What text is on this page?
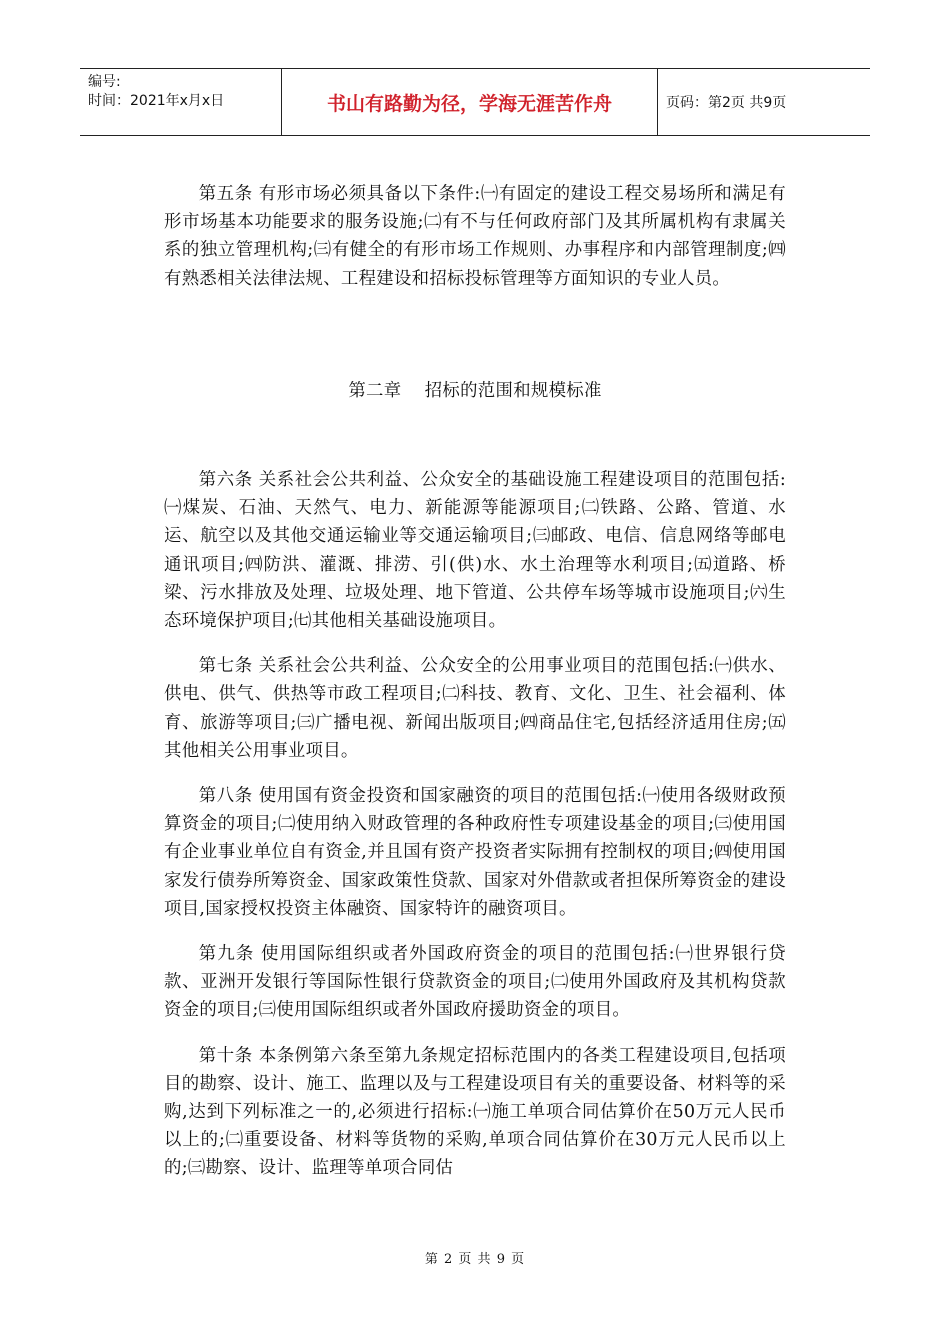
编号:
时间：2021年x月x日	书山有路勤为径，学海无涯苦作舟	页码：第2页 共9页

第五条 有形市场必须具备以下条件:㈠有固定的建设工程交易场所和满足有形市场基本功能要求的服务设施;㈡有不与任何政府部门及其所属机构有隶属关系的独立管理机构;㈢有健全的有形市场工作规则、办事程序和内部管理制度;㈣有熟悉相关法律法规、工程建设和招标投标管理等方面知识的专业人员。

第二章 招标的范围和规模标准

第六条 关系社会公共利益、公众安全的基础设施工程建设项目的范围包括:㈠煤炭、石油、天然气、电力、新能源等能源项目;㈡铁路、公路、管道、水运、航空以及其他交通运输业等交通运输项目;㈢邮政、电信、信息网络等邮电通讯项目;㈣防洪、灌溉、排涝、引(供)水、水土治理等水利项目;㈤道路、桥梁、污水排放及处理、垃圾处理、地下管道、公共停车场等城市设施项目;㈥生态环境保护项目;㈦其他相关基础设施项目。

第七条 关系社会公共利益、公众安全的公用事业项目的范围包括:㈠供水、供电、供气、供热等市政工程项目;㈡科技、教育、文化、卫生、社会福利、体育、旅游等项目;㈢广播电视、新闻出版项目;㈣商品住宅,包括经济适用住房;㈤其他相关公用事业项目。

第八条 使用国有资金投资和国家融资的项目的范围包括:㈠使用各级财政预算资金的项目;㈡使用纳入财政管理的各种政府性专项建设基金的项目;㈢使用国有企业事业单位自有资金,并且国有资产投资者实际拥有控制权的项目;㈣使用国家发行债券所筹资金、国家政策性贷款、国家对外借款或者担保所筹资金的建设项目,国家授权投资主体融资、国家特许的融资项目。

第九条 使用国际组织或者外国政府资金的项目的范围包括:㈠世界银行贷款、亚洲开发银行等国际性银行贷款资金的项目;㈡使用外国政府及其机构贷款资金的项目;㈢使用国际组织或者外国政府援助资金的项目。

第十条 本条例第六条至第九条规定招标范围内的各类工程建设项目,包括项目的勘察、设计、施工、监理以及与工程建设项目有关的重要设备、材料等的采购,达到下列标准之一的,必须进行招标:㈠施工单项合同估算价在50万元人民币以上的;㈡重要设备、材料等货物的采购,单项合同估算价在30万元人民币以上的;㈢勘察、设计、监理等单项合同估

第 2 页 共 9 页
